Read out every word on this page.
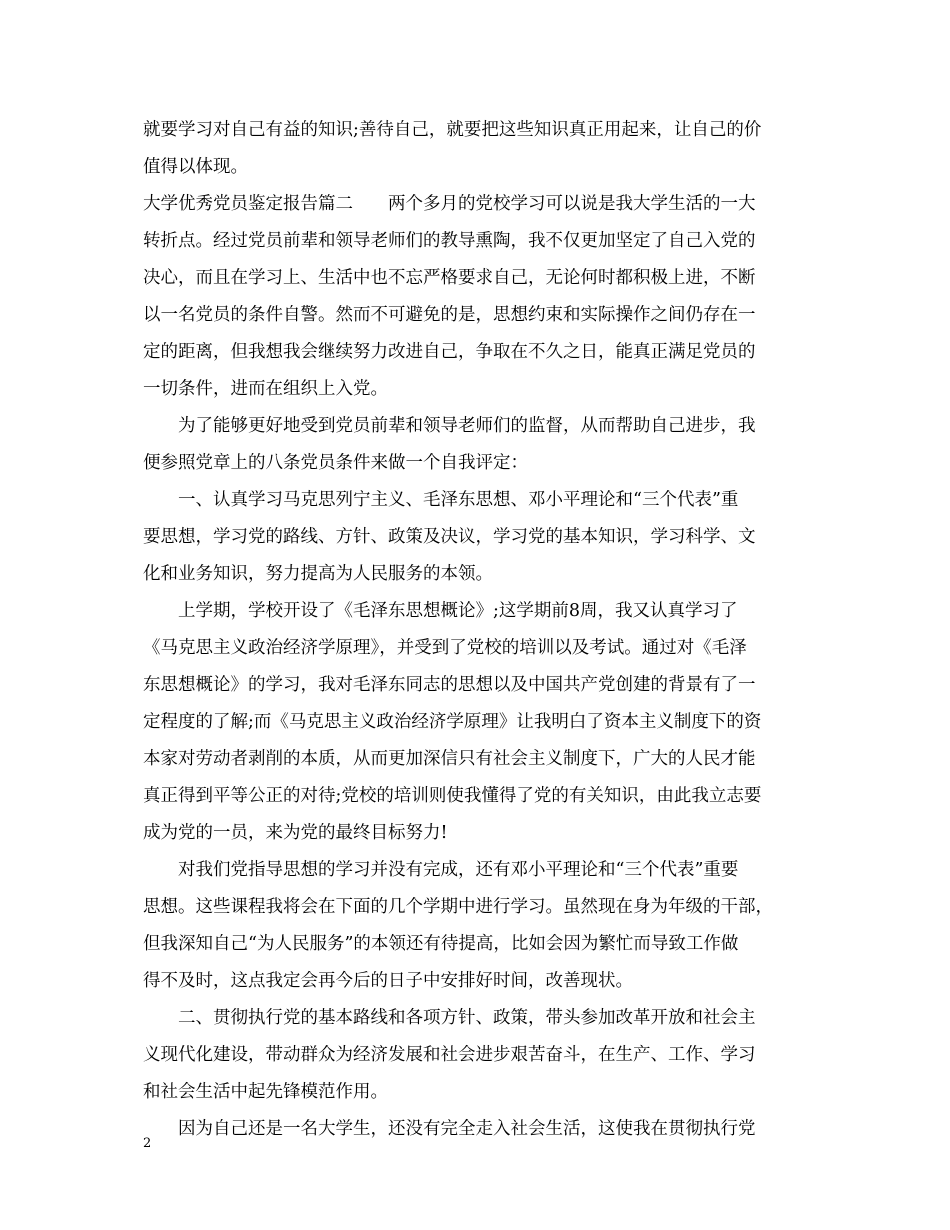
就要学习对自己有益的知识;善待自己，就要把这些知识真正用起来，让自己的价
值得以体现。
大学优秀党员鉴定报告篇二　　两个多月的党校学习可以说是我大学生活的一大
转折点。经过党员前辈和领导老师们的教导熏陶，我不仅更加坚定了自己入党的
决心，而且在学习上、生活中也不忘严格要求自己，无论何时都积极上进，不断
以一名党员的条件自警。然而不可避免的是，思想约束和实际操作之间仍存在一
定的距离，但我想我会继续努力改进自己，争取在不久之日，能真正满足党员的
一切条件，进而在组织上入党。
为了能够更好地受到党员前辈和领导老师们的监督，从而帮助自己进步，我
便参照党章上的八条党员条件来做一个自我评定：
一、认真学习马克思列宁主义、毛泽东思想、邓小平理论和“三个代表”重
要思想，学习党的路线、方针、政策及决议，学习党的基本知识，学习科学、文
化和业务知识，努力提高为人民服务的本领。
上学期，学校开设了《毛泽东思想概论》;这学期前8周，我又认真学习了
《马克思主义政治经济学原理》，并受到了党校的培训以及考试。通过对《毛泽
东思想概论》的学习，我对毛泽东同志的思想以及中国共产党创建的背景有了一
定程度的了解;而《马克思主义政治经济学原理》让我明白了资本主义制度下的资
本家对劳动者剥削的本质，从而更加深信只有社会主义制度下，广大的人民才能
真正得到平等公正的对待;党校的培训则使我懂得了党的有关知识，由此我立志要
成为党的一员，来为党的最终目标努力!
对我们党指导思想的学习并没有完成，还有邓小平理论和“三个代表”重要
思想。这些课程我将会在下面的几个学期中进行学习。虽然现在身为年级的干部，
但我深知自己“为人民服务”的本领还有待提高，比如会因为繁忙而导致工作做
得不及时，这点我定会再今后的日子中安排好时间，改善现状。
二、贯彻执行党的基本路线和各项方针、政策，带头参加改革开放和社会主
义现代化建设，带动群众为经济发展和社会进步艰苦奋斗，在生产、工作、学习
和社会生活中起先锋模范作用。
因为自己还是一名大学生，还没有完全走入社会生活，这使我在贯彻执行党
2
